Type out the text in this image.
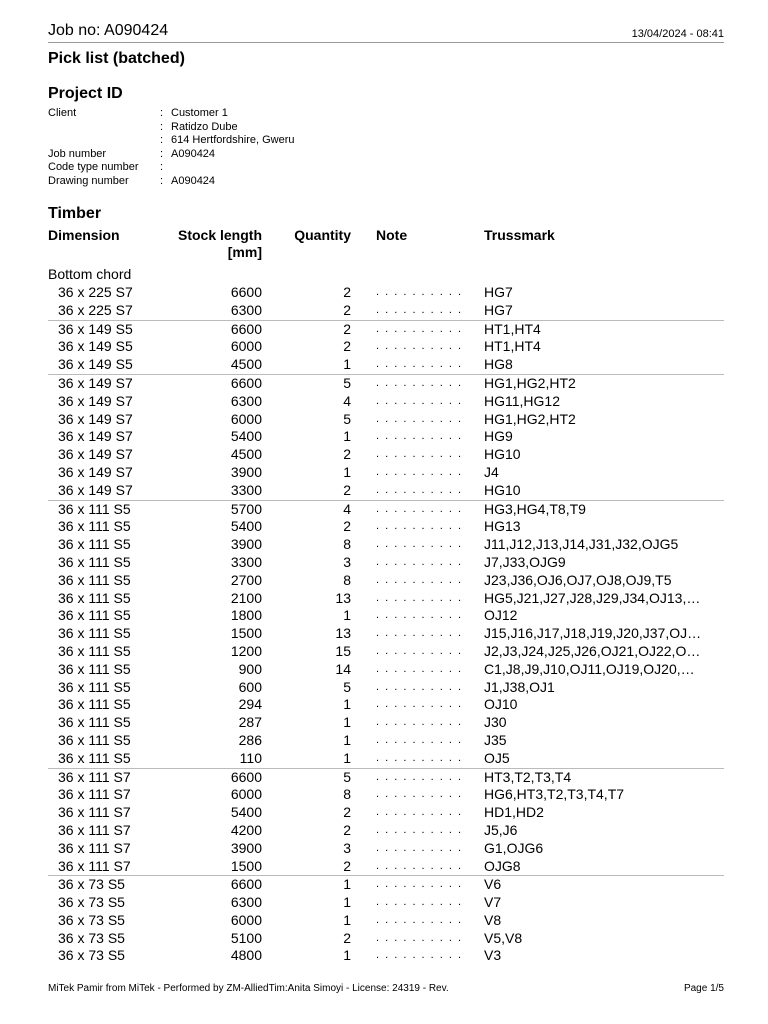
Job no: A090424	13/04/2024 - 08:41
Pick list (batched)
Project ID
Client	: Customer 1
: Ratidzo Dube
: 614 Hertfordshire, Gweru
Job number	: A090424
Code type number	:
Drawing number	: A090424
Timber
Dimension	Stock length
[mm]
Quantity Note	Trussmark
Bottom chord
36 x 225 S7	6600	2 . . . . . . . . . .	HG7
36 x 225 S7	6300	2 . . . . . . . . . .	HG7
36 x 149 S5	6600	2 . . . . . . . . . .	HT1,HT4
36 x 149 S5	6000	2 . . . . . . . . . .	HT1,HT4
36 x 149 S5	4500	1 . . . . . . . . . .	HG8
36 x 149 S7	6600	5 . . . . . . . . . .	HG1,HG2,HT2
36 x 149 S7	6300	4 . . . . . . . . . .	HG11,HG12
36 x 149 S7	6000	5 . . . . . . . . . .	HG1,HG2,HT2
36 x 149 S7	5400	1 . . . . . . . . . .	HG9
36 x 149 S7	4500	2 . . . . . . . . . .	HG10
36 x 149 S7	3900	1 . . . . . . . . . .	J4
36 x 149 S7	3300	2 . . . . . . . . . .	HG10
36 x 111 S5	5700	4 . . . . . . . . . .	HG3,HG4,T8,T9
36 x 111 S5	5400	2 . . . . . . . . . .	HG13
36 x 111 S5	3900	8 . . . . . . . . . .	J11,J12,J13,J14,J31,J32,OJG5
36 x 111 S5	3300	3 . . . . . . . . . .	J7,J33,OJG9
36 x 111 S5	2700	8 . . . . . . . . . .	J23,J36,OJ6,OJ7,OJ8,OJ9,T5
36 x 111 S5	2100	13 . . . . . . . . . .	HG5,J21,J27,J28,J29,J34,OJ13,…
36 x 111 S5	1800	1 . . . . . . . . . .	OJ12
36 x 111 S5	1500	13 . . . . . . . . . .	J15,J16,J17,J18,J19,J20,J37,OJ…
36 x 111 S5	1200	15 . . . . . . . . . .	J2,J3,J24,J25,J26,OJ21,OJ22,O…
36 x 111 S5	900	14 . . . . . . . . . .	C1,J8,J9,J10,OJ11,OJ19,OJ20,…
36 x 111 S5	600	5 . . . . . . . . . .	J1,J38,OJ1
36 x 111 S5	294	1 . . . . . . . . . .	OJ10
36 x 111 S5	287	1 . . . . . . . . . .	J30
36 x 111 S5	286	1 . . . . . . . . . .	J35
36 x 111 S5	110	1 . . . . . . . . . .	OJ5
36 x 111 S7	6600	5 . . . . . . . . . .	HT3,T2,T3,T4
36 x 111 S7	6000	8 . . . . . . . . . .	HG6,HT3,T2,T3,T4,T7
36 x 111 S7	5400	2 . . . . . . . . . .	HD1,HD2
36 x 111 S7	4200	2 . . . . . . . . . .	J5,J6
36 x 111 S7	3900	3 . . . . . . . . . .	G1,OJG6
36 x 111 S7	1500	2 . . . . . . . . . .	OJG8
36 x 73 S5	6600	1 . . . . . . . . . .	V6
36 x 73 S5	6300	1 . . . . . . . . . .	V7
36 x 73 S5	6000	1 . . . . . . . . . .	V8
36 x 73 S5	5100	2 . . . . . . . . . .	V5,V8
36 x 73 S5	4800	1 . . . . . . . . . .	V3
MiTek Pamir from MiTek - Performed by ZM-AlliedTim:Anita Simoyi - License: 24319 - Rev.	Page 1/5
